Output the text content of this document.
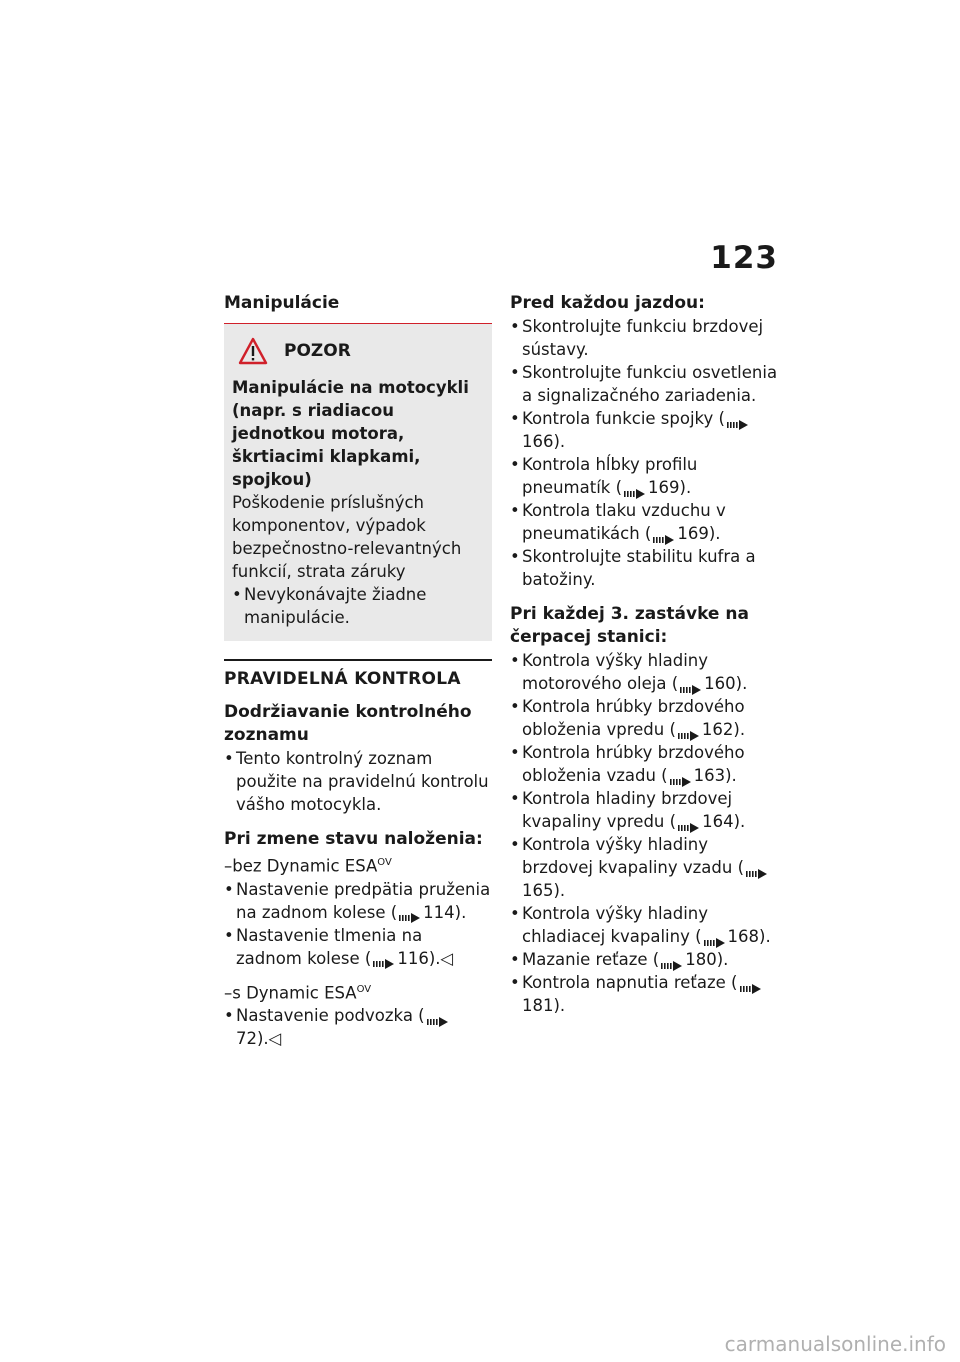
123

Manipulácie

POZOR
Manipulácie na motocykli (napr. s riadiacou jednotkou motora, škrtiacimi klapkami, spojkou)
Poškodenie príslušných komponentov, výpadok bezpečnostno-relevantných funkcií, strata záruky
• Nevykonávajte žiadne manipulácie.
PRAVIDELNÁ KONTROLA

Dodržiavanie kontrolného zoznamu

• Tento kontrolný zoznam použite na pravidelnú kontrolu vášho motocykla.

Pri zmene stavu naloženia:

–bez Dynamic $ESA^{OV}$
• Nastavenie predpätia pruženia na zadnom kolese ( 114).
• Nastavenie tlmenia na zadnom kolese ( 116).◁
–s Dynamic $ESA^{OV}$
• Nastavenie podvozka (72).◁

Pred každou jazdou:

• Skontrolujte funkciu brzdovej sústavy.
• Skontrolujte funkciu osvetlenia a signalizačného zariadenia.
• Kontrola funkcie spojky (166).
• Kontrola hĺbky profilu pneumatík ( 169).
• Kontrola tlaku vzduchu v pneumatikách ( 169).
• Skontrolujte stabilitu kufra a batožiny.

Pri každej 3. zastávke na čerpacej stanici:

• Kontrola výšky hladiny motorového oleja ( 160).
• Kontrola hrúbky brzdového obloženia vpredu ( 162).
• Kontrola hrúbky brzdového obloženia vzadu ( 163).
• Kontrola hladiny brzdovej kvapaliny vpredu ( 164).
• Kontrola výšky hladiny brzdovej kvapaliny vzadu (165).
• Kontrola výšky hladiny chladiacej kvapaliny ( 168).
• Mazanie reťaze ( 180).
• Kontrola napnutia reťaze (181).
carmanualsonline.info
